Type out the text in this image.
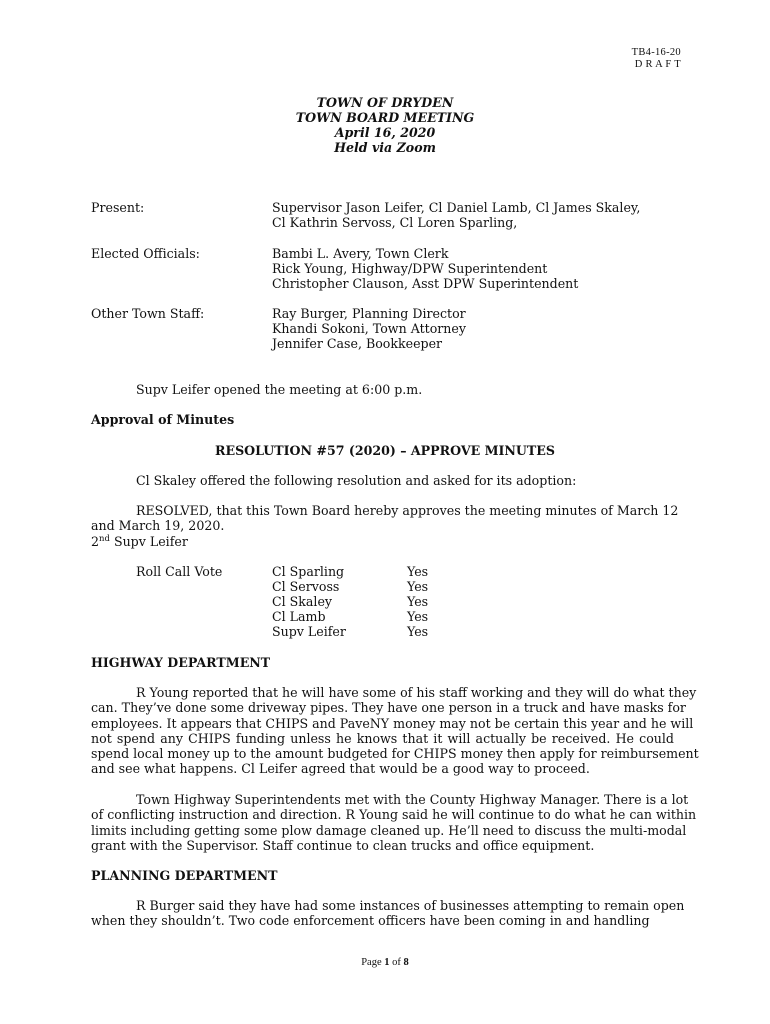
TB4-16-20
D R A F T
TOWN OF DRYDEN
TOWN BOARD MEETING
April 16, 2020
Held via Zoom
Present:	Supervisor Jason Leifer, Cl Daniel Lamb, Cl James Skaley,
Cl Kathrin Servoss, Cl Loren Sparling,
Elected Officials:	Bambi L. Avery, Town Clerk
Rick Young, Highway/DPW Superintendent
Christopher Clauson, Asst DPW Superintendent
Other Town Staff:	Ray Burger, Planning Director
Khandi Sokoni, Town Attorney
Jennifer Case, Bookkeeper
Supv Leifer opened the meeting at 6:00 p.m.
Approval of Minutes
RESOLUTION #57 (2020) – APPROVE MINUTES
Cl Skaley offered the following resolution and asked for its adoption:
RESOLVED, that this Town Board hereby approves the meeting minutes of March 12
and March 19, 2020.
2nd Supv Leifer
Roll Call Vote	Cl Sparling	Yes
Cl Servoss	Yes
Cl Skaley	Yes
Cl Lamb	Yes
Supv Leifer	Yes
HIGHWAY DEPARTMENT
R Young reported that he will have some of his staff working and they will do what they
can. They’ve done some driveway pipes. They have one person in a truck and have masks for
employees. It appears that CHIPS and PaveNY money may not be certain this year and he will
not spend any CHIPS funding unless he knows that it will actually be received. He could
spend local money up to the amount budgeted for CHIPS money then apply for reimbursement
and see what happens. Cl Leifer agreed that would be a good way to proceed.
Town Highway Superintendents met with the County Highway Manager. There is a lot
of conflicting instruction and direction. R Young said he will continue to do what he can within
limits including getting some plow damage cleaned up. He’ll need to discuss the multi-modal
grant with the Supervisor. Staff continue to clean trucks and office equipment.
PLANNING DEPARTMENT
R Burger said they have had some instances of businesses attempting to remain open
when they shouldn’t. Two code enforcement officers have been coming in and handling
Page 1 of 8
